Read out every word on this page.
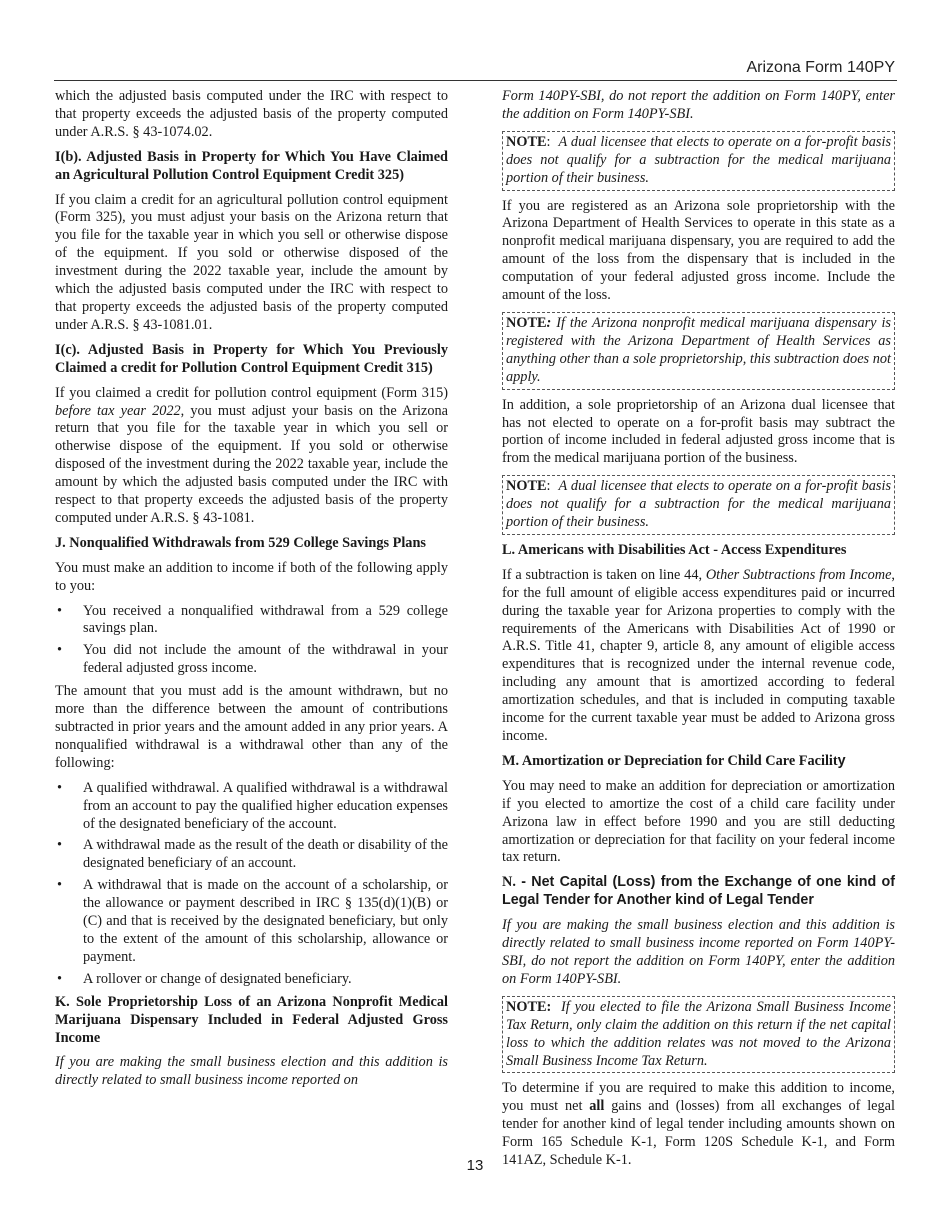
Arizona Form 140PY

which the adjusted basis computed under the IRC with respect to that property exceeds the adjusted basis of the property computed under A.R.S. § 43-1074.02.

I(b). Adjusted Basis in Property for Which You Have Claimed an Agricultural Pollution Control Equipment Credit 325)

If you claim a credit for an agricultural pollution control equipment (Form 325), you must adjust your basis on the Arizona return that you file for the taxable year in which you sell or otherwise dispose of the equipment. If you sold or otherwise disposed of the investment during the 2022 taxable year, include the amount by which the adjusted basis computed under the IRC with respect to that property exceeds the adjusted basis of the property computed under A.R.S. § 43-1081.01.

I(c). Adjusted Basis in Property for Which You Previously Claimed a credit for Pollution Control Equipment Credit 315)

If you claimed a credit for pollution control equipment (Form 315) before tax year 2022, you must adjust your basis on the Arizona return that you file for the taxable year in which you sell or otherwise dispose of the equipment. If you sold or otherwise disposed of the investment during the 2022 taxable year, include the amount by which the adjusted basis computed under the IRC with respect to that property exceeds the adjusted basis of the property computed under A.R.S. § 43-1081.

J. Nonqualified Withdrawals from 529 College Savings Plans

You must make an addition to income if both of the following apply to you:

• You received a nonqualified withdrawal from a 529 college savings plan.
• You did not include the amount of the withdrawal in your federal adjusted gross income.

The amount that you must add is the amount withdrawn, but no more than the difference between the amount of contributions subtracted in prior years and the amount added in any prior years. A nonqualified withdrawal is a withdrawal other than any of the following:

• A qualified withdrawal. A qualified withdrawal is a withdrawal from an account to pay the qualified higher education expenses of the designated beneficiary of the account.
• A withdrawal made as the result of the death or disability of the designated beneficiary of an account.
• A withdrawal that is made on the account of a scholarship, or the allowance or payment described in IRC § 135(d)(1)(B) or (C) and that is received by the designated beneficiary, but only to the extent of the amount of this scholarship, allowance or payment.
• A rollover or change of designated beneficiary.
K. Sole Proprietorship Loss of an Arizona Nonprofit Medical Marijuana Dispensary Included in Federal Adjusted Gross Income

If you are making the small business election and this addition is directly related to small business income reported on

Form 140PY-SBI, do not report the addition on Form 140PY, enter the addition on Form 140PY-SBI.

NOTE:  A dual licensee that elects to operate on a for-profit basis does not qualify for a subtraction for the medical marijuana portion of their business.

If you are registered as an Arizona sole proprietorship with the Arizona Department of Health Services to operate in this state as a nonprofit medical marijuana dispensary, you are required to add the amount of the loss from the dispensary that is included in the computation of your federal adjusted gross income. Include the amount of the loss.

NOTE: If the Arizona nonprofit medical marijuana dispensary is registered with the Arizona Department of Health Services as anything other than a sole proprietorship, this subtraction does not apply.

In addition, a sole proprietorship of an Arizona dual licensee that has not elected to operate on a for-profit basis may subtract the portion of income included in federal adjusted gross income that is from the medical marijuana portion of the business.

NOTE:  A dual licensee that elects to operate on a for-profit basis does not qualify for a subtraction for the medical marijuana portion of their business.
L. Americans with Disabilities Act - Access Expenditures

If a subtraction is taken on line 44, Other Subtractions from Income, for the full amount of eligible access expenditures paid or incurred during the taxable year for Arizona properties to comply with the requirements of the Americans with Disabilities Act of 1990 or A.R.S. Title 41, chapter 9, article 8, any amount of eligible access expenditures that is recognized under the internal revenue code, including any amount that is amortized according to federal amortization schedules, and that is included in computing taxable income for the current taxable year must be added to Arizona gross income.

M. Amortization or Depreciation for Child Care Facility

You may need to make an addition for depreciation or amortization if you elected to amortize the cost of a child care facility under Arizona law in effect before 1990 and you are still deducting amortization or depreciation for that facility on your federal income tax return.

N. - Net Capital (Loss) from the Exchange of one kind of Legal Tender for Another kind of Legal Tender

If you are making the small business election and this addition is directly related to small business income reported on Form 140PY-SBI, do not report the addition on Form 140PY, enter the addition on Form 140PY-SBI.

NOTE: If you elected to file the Arizona Small Business Income Tax Return, only claim the addition on this return if the net capital loss to which the addition relates was not moved to the Arizona Small Business Income Tax Return.

To determine if you are required to make this addition to income, you must net all gains and (losses) from all exchanges of legal tender for another kind of legal tender including amounts shown on Form 165 Schedule K-1, Form 120S Schedule K-1, and Form 141AZ, Schedule K-1.

13
